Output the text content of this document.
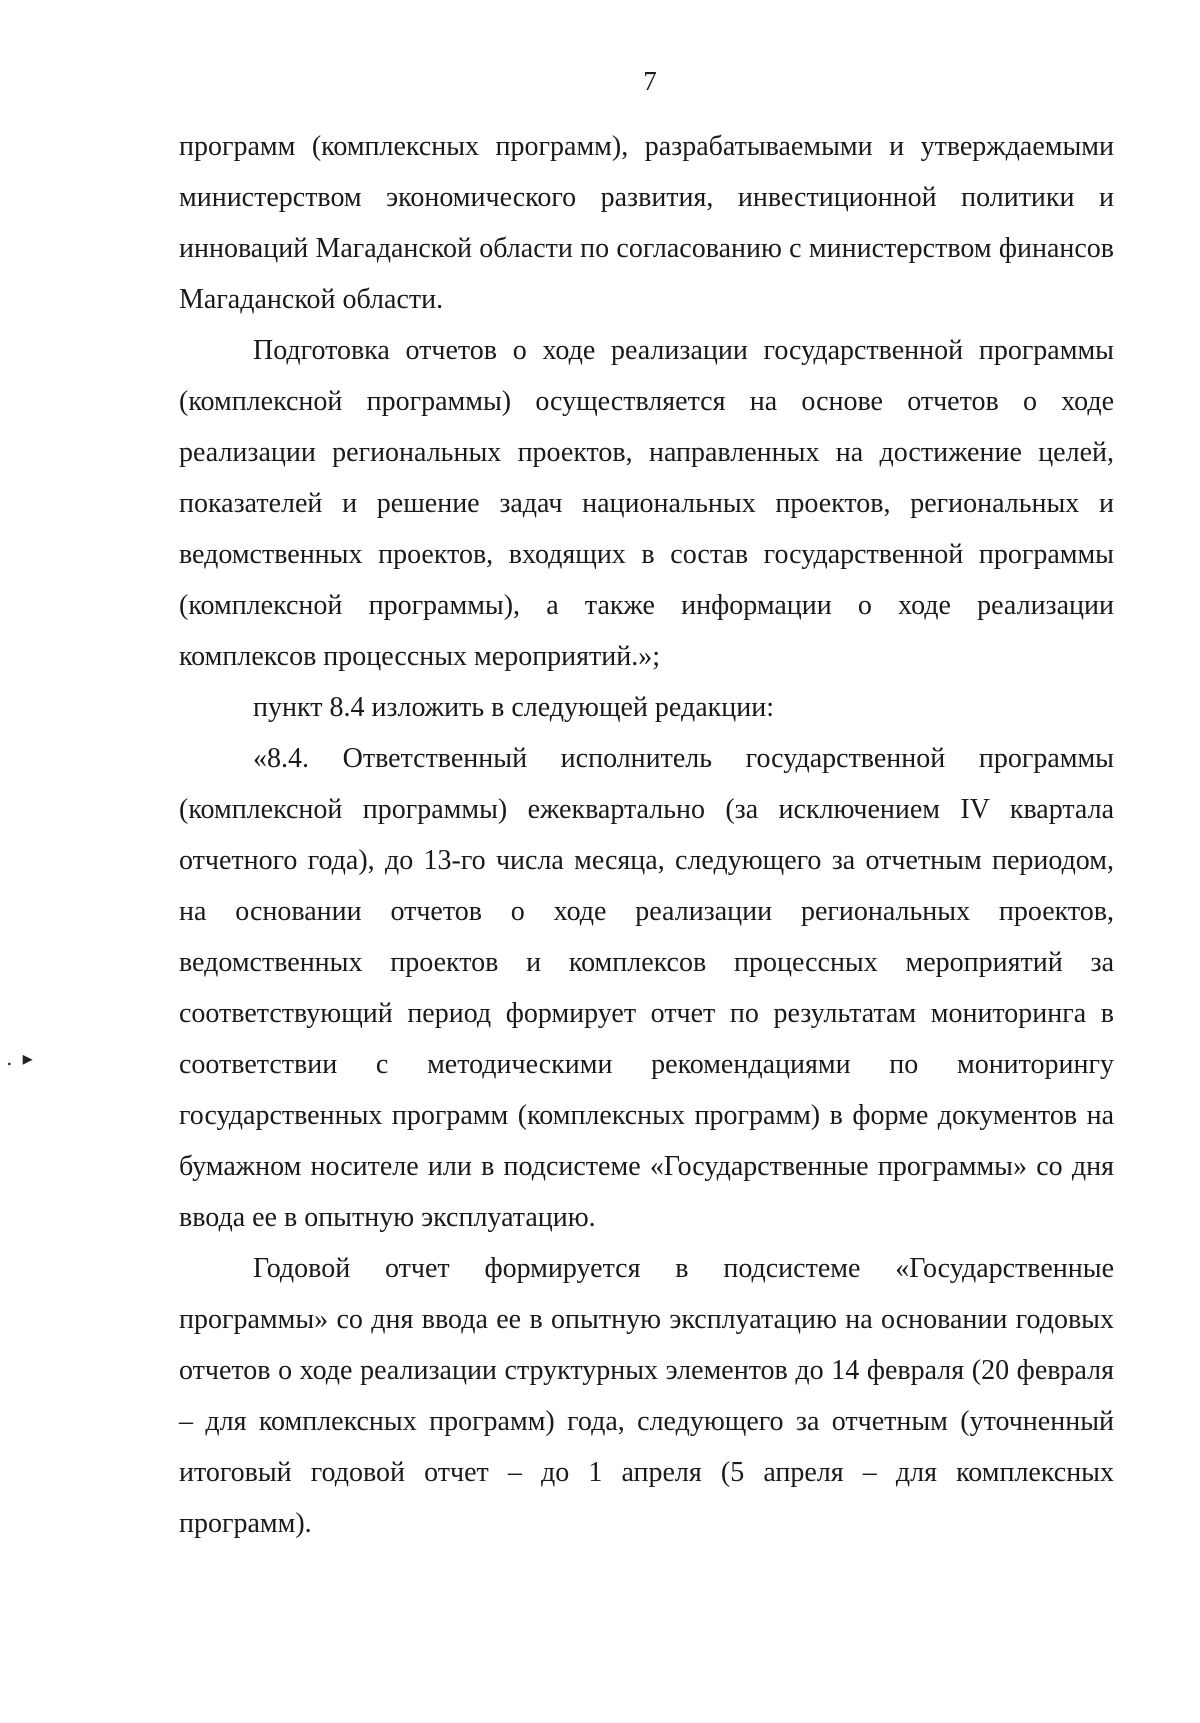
7
․▸

программ (комплексных программ), разрабатываемыми и утверждаемыми министерством экономического развития, инвестиционной политики и инноваций Магаданской области по согласованию с министерством финансов Магаданской области.

Подготовка отчетов о ходе реализации государственной программы (комплексной программы) осуществляется на основе отчетов о ходе реализации региональных проектов, направленных на достижение целей, показателей и решение задач национальных проектов, региональных и ведомственных проектов, входящих в состав государственной программы (комплексной программы), а также информации о ходе реализации комплексов процессных мероприятий.»;

пункт 8.4 изложить в следующей редакции:

«8.4. Ответственный исполнитель государственной программы (комплексной программы) ежеквартально (за исключением IV квартала отчетного года), до 13-го числа месяца, следующего за отчетным периодом, на основании отчетов о ходе реализации региональных проектов, ведомственных проектов и комплексов процессных мероприятий за соответствующий период формирует отчет по результатам мониторинга в соответствии с методическими рекомендациями по мониторингу государственных программ (комплексных программ) в форме документов на бумажном носителе или в подсистеме «Государственные программы» со дня ввода ее в опытную эксплуатацию.

Годовой отчет формируется в подсистеме «Государственные программы» со дня ввода ее в опытную эксплуатацию на основании годовых отчетов о ходе реализации структурных элементов до 14 февраля (20 февраля – для комплексных программ) года, следующего за отчетным (уточненный итоговый годовой отчет – до 1 апреля (5 апреля – для комплексных программ).
